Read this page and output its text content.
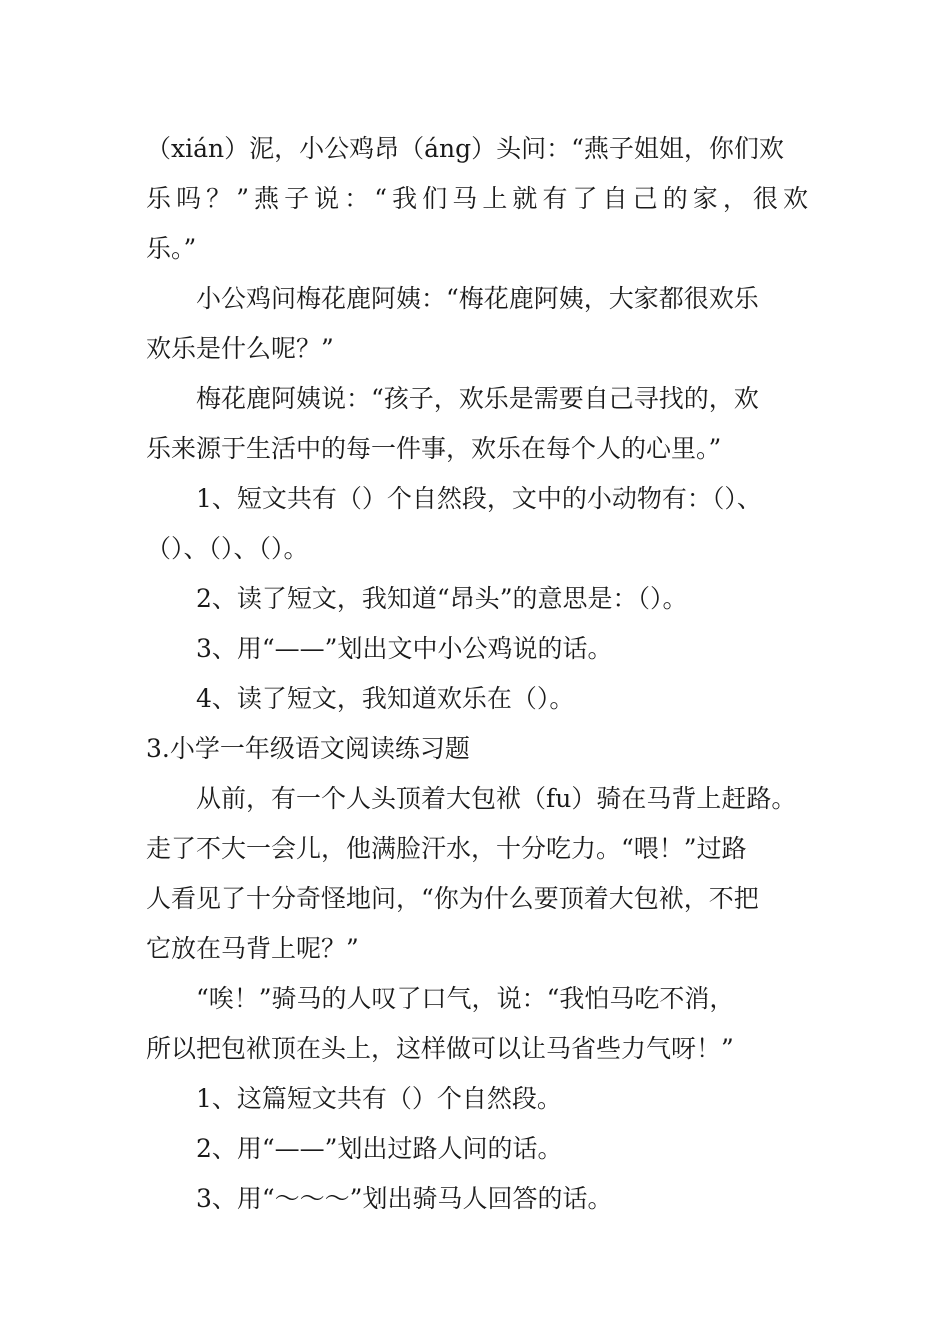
（xián）泥，小公鸡昂（áng）头问：“燕子姐姐，你们欢
乐吗？”燕子说：“我们马上就有了自己的家，很欢
乐。”
小公鸡问梅花鹿阿姨：“梅花鹿阿姨，大家都很欢乐
欢乐是什么呢？”
梅花鹿阿姨说：“孩子，欢乐是需要自己寻找的，欢
乐来源于生活中的每一件事，欢乐在每个人的心里。”
1、短文共有（）个自然段，文中的小动物有：（）、
（）、（）、（）。
2、读了短文，我知道“昂头”的意思是：（）。
3、用“——”划出文中小公鸡说的话。
4、读了短文，我知道欢乐在（）。
3.小学一年级语文阅读练习题
从前，有一个人头顶着大包袱（fu）骑在马背上赶路。
走了不大一会儿，他满脸汗水，十分吃力。“喂！”过路
人看见了十分奇怪地问，“你为什么要顶着大包袱，不把
它放在马背上呢？”
“唉！”骑马的人叹了口气，说：“我怕马吃不消，
所以把包袱顶在头上，这样做可以让马省些力气呀！”
1、这篇短文共有（）个自然段。
2、用“——”划出过路人问的话。
3、用“～～～”划出骑马人回答的话。
